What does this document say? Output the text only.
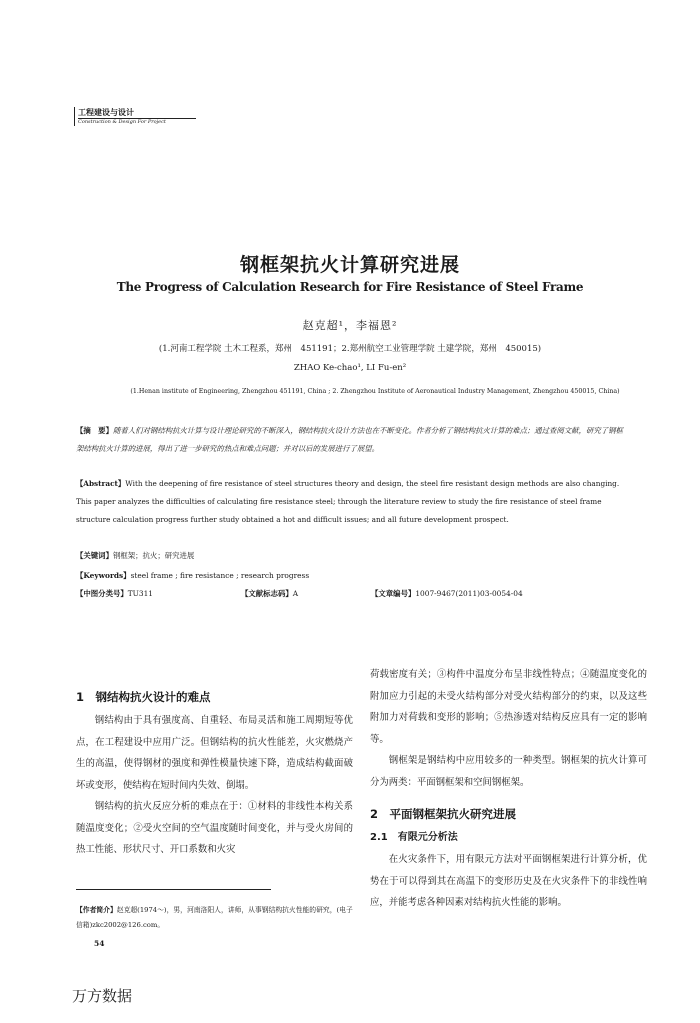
工程建设与设计
Construction & Design For Project
钢框架抗火计算研究进展
The Progress of Calculation Research for Fire Resistance of Steel Frame
赵克超¹，李福恩²
(1.河南工程学院 土木工程系，郑州　451191；2.郑州航空工业管理学院 土建学院，郑州　450015)
ZHAO Ke-chao¹, LI Fu-en²
(1.Henan institute of Engineering, Zhengzhou 451191, China ; 2. Zhengzhou Institute of Aeronautical Industry Management, Zhengzhou 450015, China)
【摘　要】随着人们对钢结构抗火计算与设计理论研究的不断深入，钢结构抗火设计方法也在不断变化。作者分析了钢结构抗火计算的难点；通过查阅文献，研究了钢框架结构抗火计算的进展，得出了进一步研究的热点和难点问题；并对以后的发展进行了展望。
【Abstract】With the deepening of fire resistance of steel structures theory and design, the steel fire resistant design methods are also changing. This paper analyzes the difficulties of calculating fire resistance steel; through the literature review to study the fire resistance of steel frame structure calculation progress further study obtained a hot and difficult issues; and all future development prospect.
【关键词】钢框架；抗火；研究进展
【Keywords】steel frame ; fire resistance ; research progress
【中图分类号】TU311	【文献标志码】A	【文章编号】1007-9467(2011)03-0054-04
1　钢结构抗火设计的难点

钢结构由于具有强度高、自重轻、布局灵活和施工周期短等优点，在工程建设中应用广泛。但钢结构的抗火性能差，火灾燃烧产生的高温，使得钢材的强度和弹性模量快速下降，造成结构截面破坏或变形，使结构在短时间内失效、倒塌。

钢结构的抗火反应分析的难点在于：①材料的非线性本构关系随温度变化；②受火空间的空气温度随时间变化，并与受火房间的热工性能、形状尺寸、开口系数和火灾

荷载密度有关；③构件中温度分布呈非线性特点；④随温度变化的附加应力引起的未受火结构部分对受火结构部分的约束，以及这些附加力对荷载和变形的影响；⑤热渗透对结构反应具有一定的影响等。

钢框架是钢结构中应用较多的一种类型。钢框架的抗火计算可分为两类：平面钢框架和空间钢框架。

2　平面钢框架抗火研究进展
2.1　有限元分析法

在火灾条件下，用有限元方法对平面钢框架进行计算分析，优势在于可以得到其在高温下的变形历史及在火灾条件下的非线性响应，并能考虑各种因素对结构抗火性能的影响。

【作者简介】赵克超(1974～)，男，河南洛阳人，讲师，从事钢结构抗火性能的研究，(电子信箱)zkc2002@126.com。
54
万方数据
